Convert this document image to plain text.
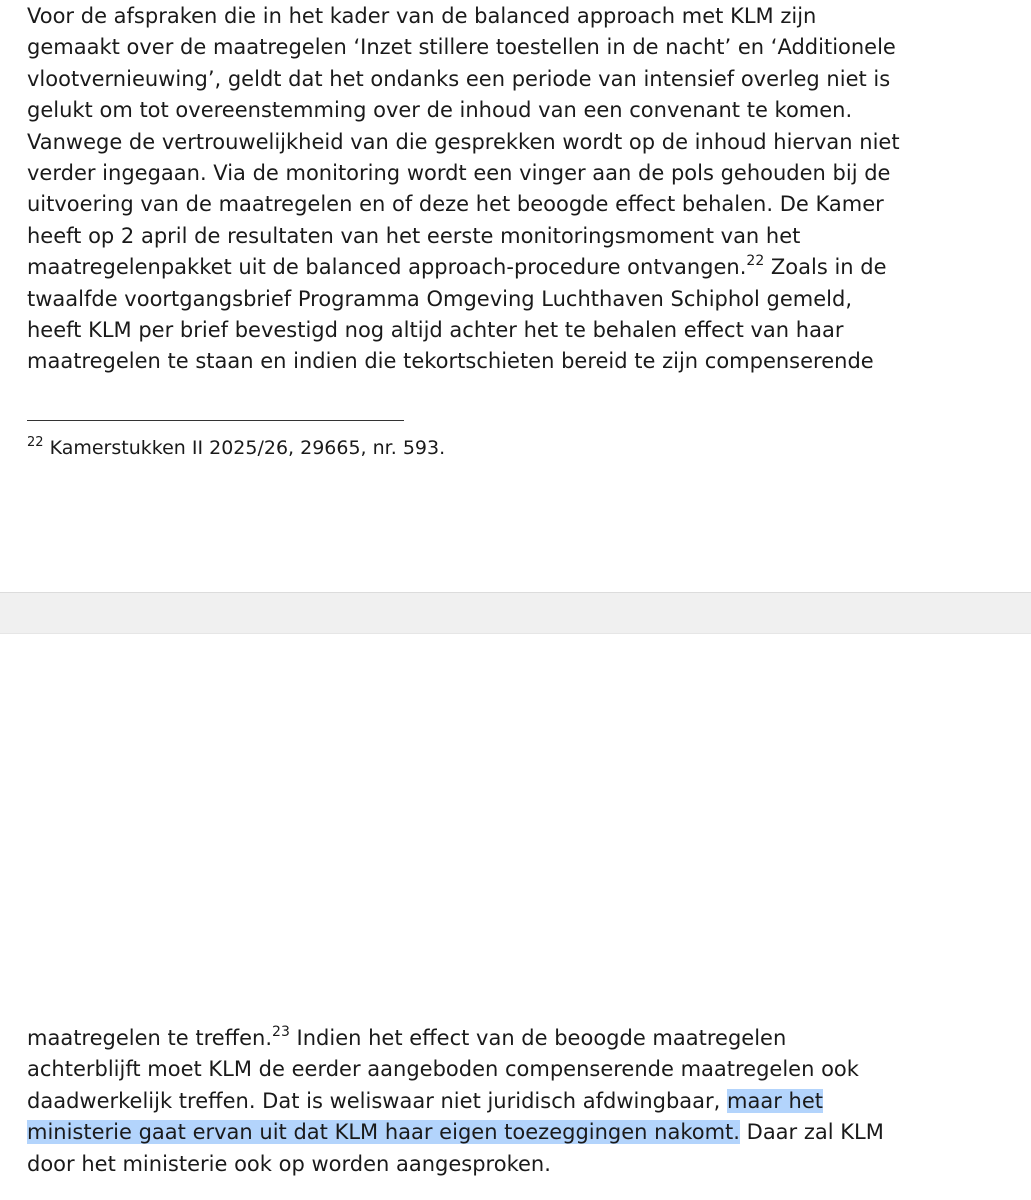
Voor de afspraken die in het kader van de balanced approach met KLM zijn
gemaakt over de maatregelen ‘Inzet stillere toestellen in de nacht’ en ‘Additionele
vlootvernieuwing’, geldt dat het ondanks een periode van intensief overleg niet is
gelukt om tot overeenstemming over de inhoud van een convenant te komen.
Vanwege de vertrouwelijkheid van die gesprekken wordt op de inhoud hiervan niet
verder ingegaan. Via de monitoring wordt een vinger aan de pols gehouden bij de
uitvoering van de maatregelen en of deze het beoogde effect behalen. De Kamer
heeft op 2 april de resultaten van het eerste monitoringsmoment van het
maatregelenpakket uit de balanced approach-procedure ontvangen.$^{22}$ Zoals in de
twaalfde voortgangsbrief Programma Omgeving Luchthaven Schiphol gemeld,
heeft KLM per brief bevestigd nog altijd achter het te behalen effect van haar
maatregelen te staan en indien die tekortschieten bereid te zijn compenserende

$^{22}$ Kamerstukken II 2025/26, 29665, nr. 593.

maatregelen te treffen.$^{23}$ Indien het effect van de beoogde maatregelen
achterblijft moet KLM de eerder aangeboden compenserende maatregelen ook
daadwerkelijk treffen. Dat is weliswaar niet juridisch afdwingbaar, maar het
ministerie gaat ervan uit dat KLM haar eigen toezeggingen nakomt. Daar zal KLM
door het ministerie ook op worden aangesproken.
